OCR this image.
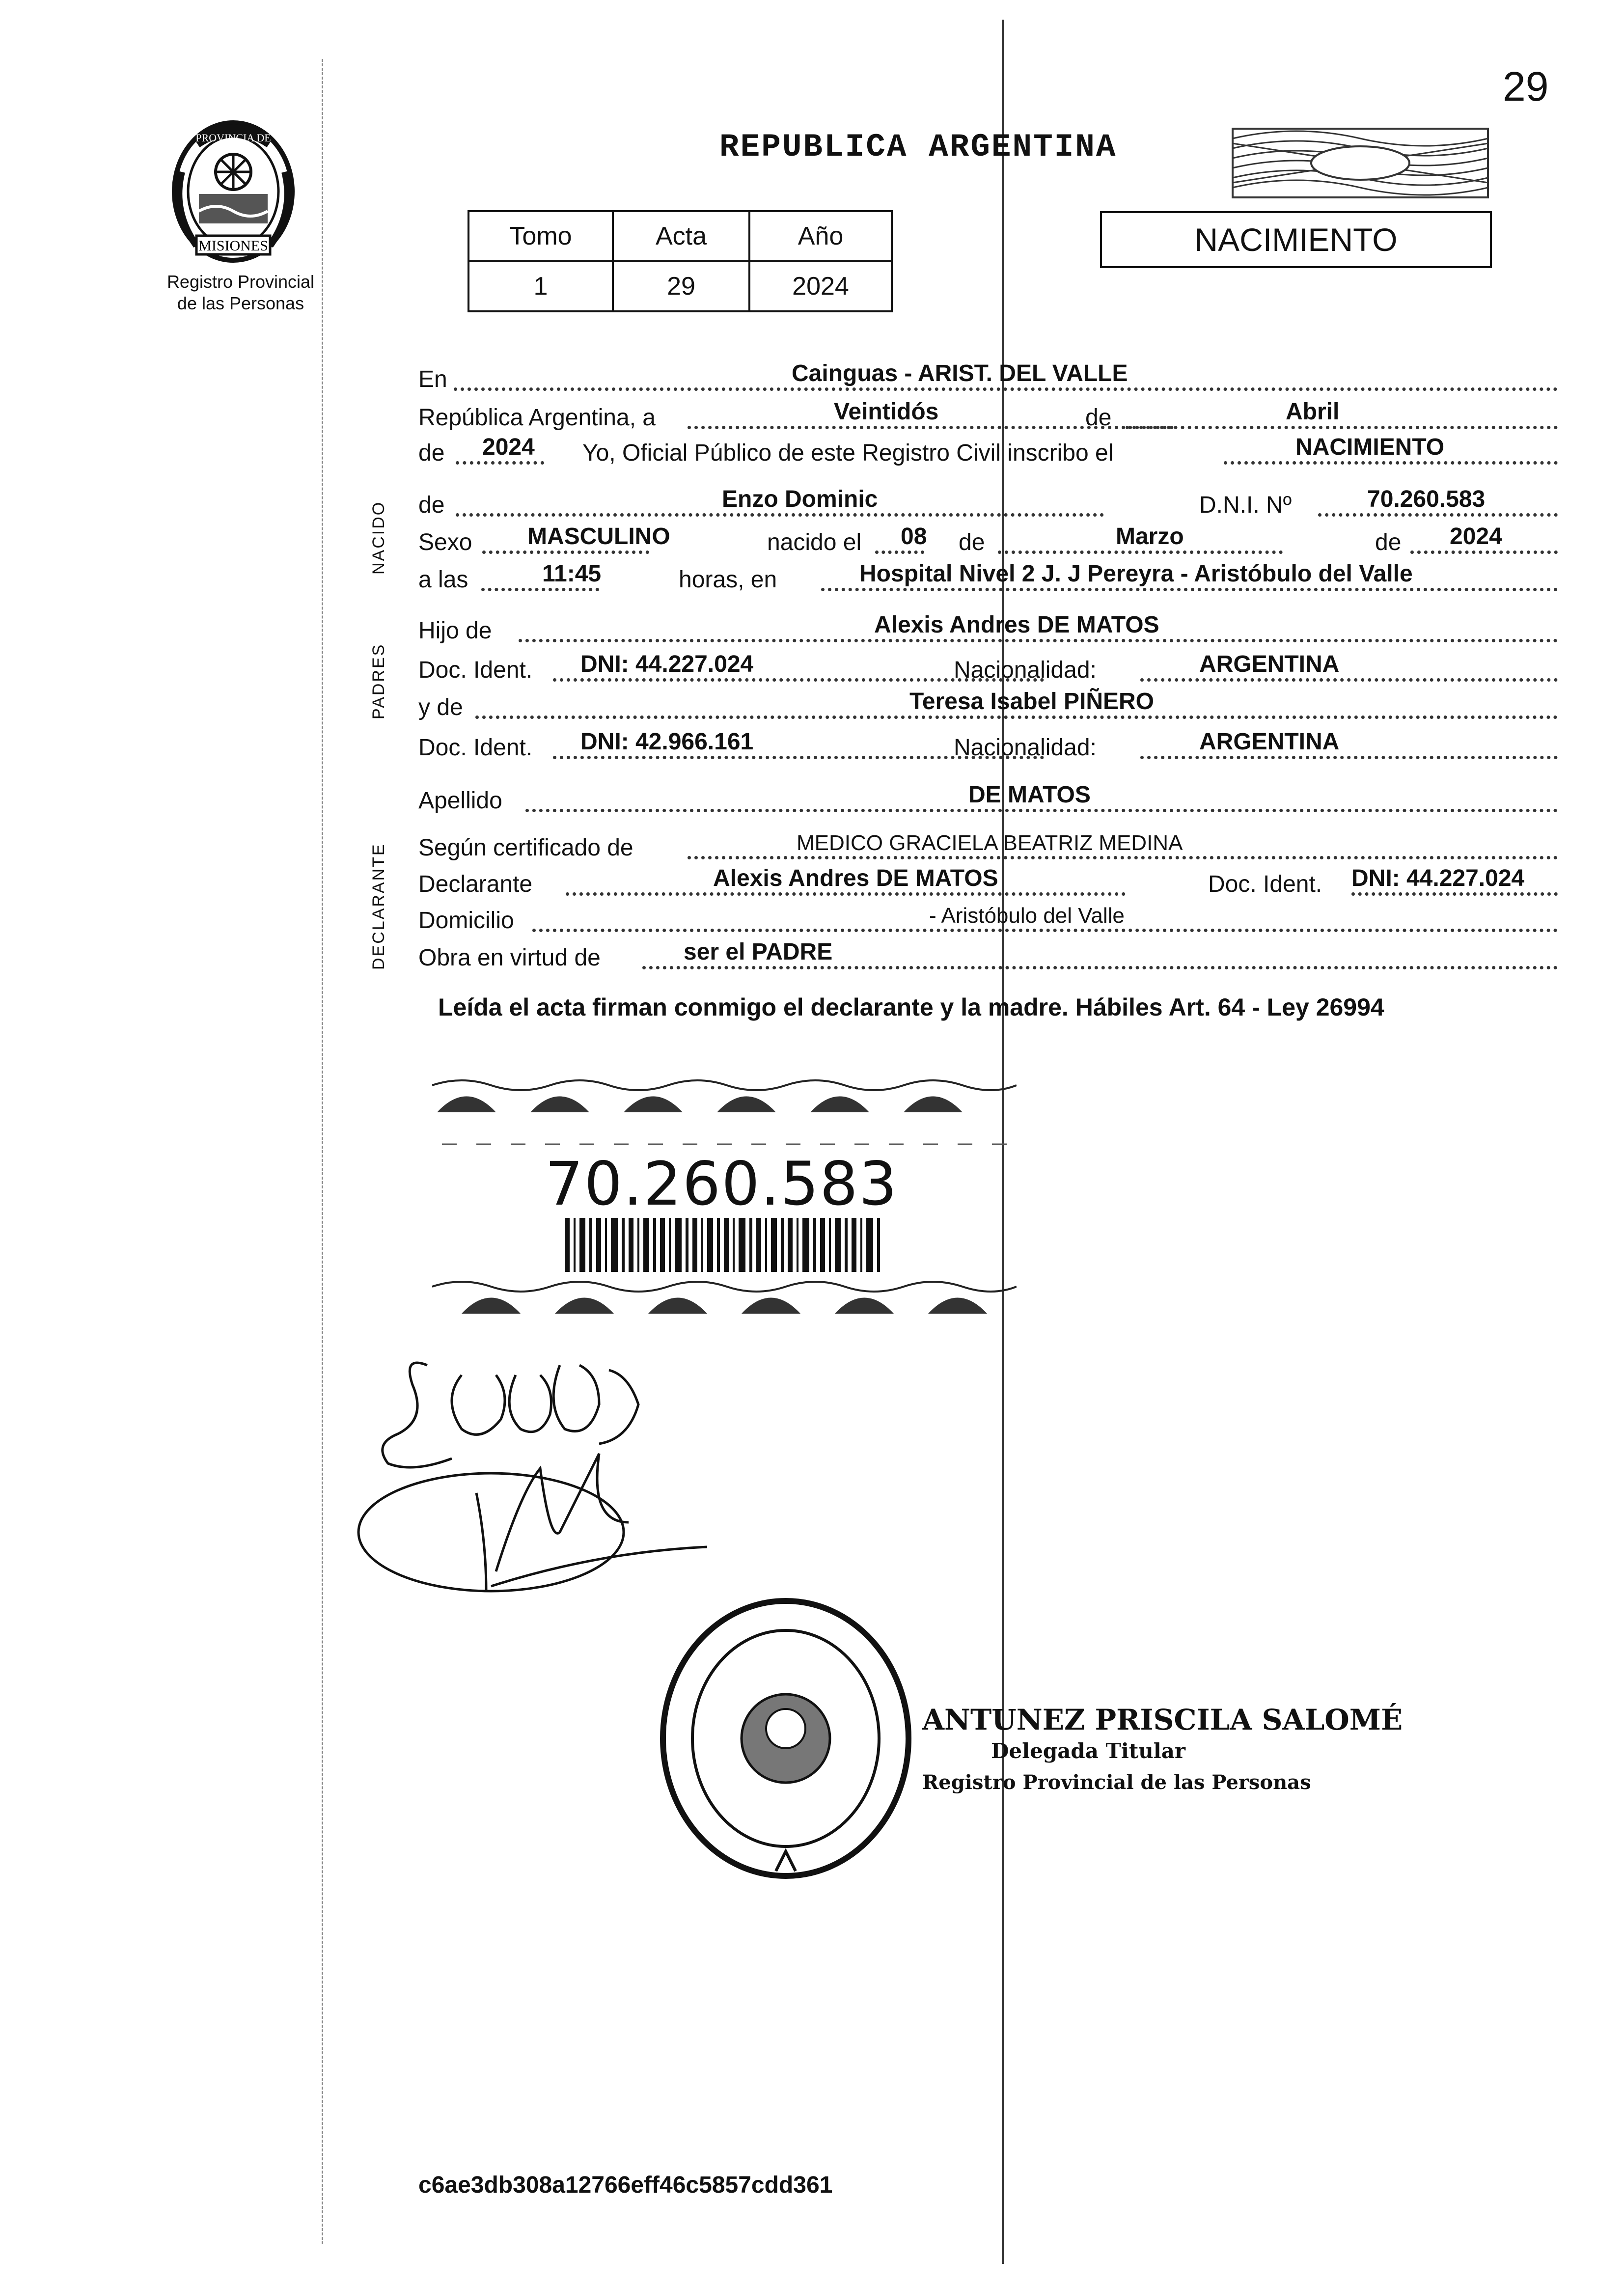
29
MISIONES
PROVINCIA DE
Registro Provincial
de las Personas
REPUBLICA ARGENTINA
Tomo	Acta	Año
1	29	2024
NACIMIENTO
NACIDO
PADRES
DECLARANTE
En	Cainguas - ARIST. DEL VALLE
República Argentina, a	Veintidós	de	Abril
de 2024 Yo, Oficial Público de este Registro Civil inscribo el	NACIMIENTO
de	Enzo Dominic	D.N.I. Nº	70.260.583
Sexo MASCULINO	nacido el 08 de	Marzo	de 2024
a las	11:45	horas, en	Hospital Nivel 2 J. J Pereyra - Aristóbulo del Valle
Hijo de	Alexis Andres DE MATOS
Doc. Ident. DNI: 44.227.024	Nacionalidad:	ARGENTINA
y de	Teresa Isabel PIÑERO
Doc. Ident. DNI: 42.966.161	Nacionalidad:	ARGENTINA
Apellido	DE MATOS
Según certificado de	MEDICO GRACIELA BEATRIZ MEDINA
Declarante	Alexis Andres DE MATOS	Doc. Ident. DNI: 44.227.024
Domicilio	- Aristóbulo del Valle
Obra en virtud de	ser el PADRE
Leída el acta firman conmigo el declarante y la madre. Hábiles Art. 64 - Ley 26994
70.260.583
ANTUNEZ PRISCILA SALOMÉ
Delegada Titular
Registro Provincial de las Personas
c6ae3db308a12766eff46c5857cdd361
